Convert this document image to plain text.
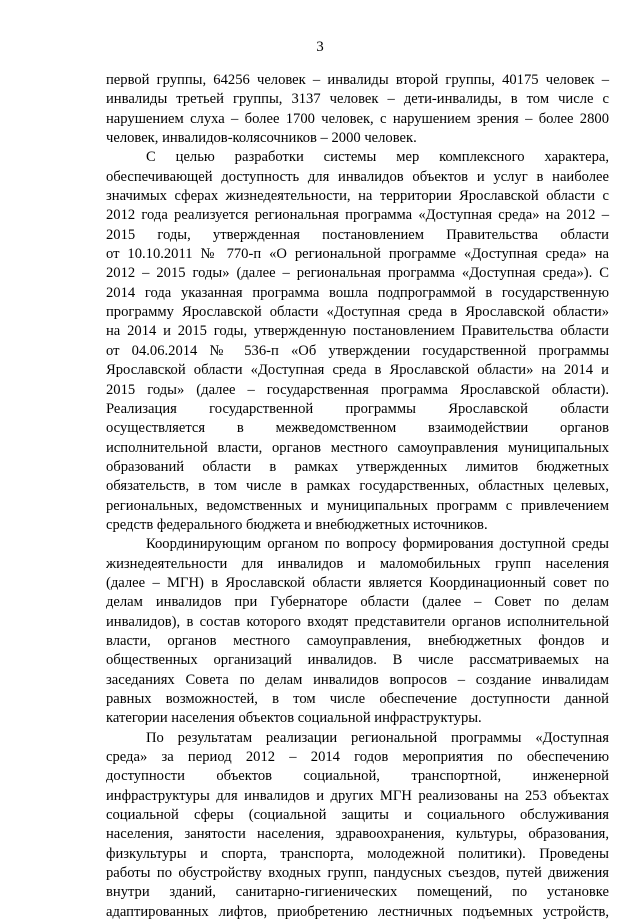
3
первой группы, 64256 человек – инвалиды второй группы, 40175 человек –
инвалиды третьей группы, 3137 человек – дети-инвалиды, в том числе с
нарушением слуха – более 1700 человек, с нарушением зрения – более 2800
человек, инвалидов-колясочников – 2000 человек.
С целью разработки системы мер комплексного характера,
обеспечивающей доступность для инвалидов объектов и услуг в наиболее
значимых сферах жизнедеятельности, на территории Ярославской области с
2012 года реализуется региональная программа «Доступная среда» на 2012 –
2015 годы, утвержденная постановлением Правительства области
от 10.10.2011 № 770-п «О региональной программе «Доступная среда» на
2012 – 2015 годы» (далее – региональная программа «Доступная среда»). С
2014 года указанная программа вошла подпрограммой в государственную
программу Ярославской области «Доступная среда в Ярославской области»
на 2014 и 2015 годы, утвержденную постановлением Правительства области
от 04.06.2014 № 536-п «Об утверждении государственной программы
Ярославской области «Доступная среда в Ярославской области» на 2014 и
2015 годы» (далее – государственная программа Ярославской области).
Реализация государственной программы Ярославской области
осуществляется в межведомственном взаимодействии органов
исполнительной власти, органов местного самоуправления муниципальных
образований области в рамках утвержденных лимитов бюджетных
обязательств, в том числе в рамках государственных, областных целевых,
региональных, ведомственных и муниципальных программ с привлечением
средств федерального бюджета и внебюджетных источников.
Координирующим органом по вопросу формирования доступной среды
жизнедеятельности для инвалидов и маломобильных групп населения
(далее – МГН) в Ярославской области является Координационный совет по
делам инвалидов при Губернаторе области (далее – Совет по делам
инвалидов), в состав которого входят представители органов исполнительной
власти, органов местного самоуправления, внебюджетных фондов и
общественных организаций инвалидов. В числе рассматриваемых на
заседаниях Совета по делам инвалидов вопросов – создание инвалидам
равных возможностей, в том числе обеспечение доступности данной
категории населения объектов социальной инфраструктуры.
По результатам реализации региональной программы «Доступная
среда» за период 2012 – 2014 годов мероприятия по обеспечению
доступности объектов социальной, транспортной, инженерной
инфраструктуры для инвалидов и других МГН реализованы на 253 объектах
социальной сферы (социальной защиты и социального обслуживания
населения, занятости населения, здравоохранения, культуры, образования,
физкультуры и спорта, транспорта, молодежной политики). Проведены
работы по обустройству входных групп, пандусных съездов, путей движения
внутри зданий, санитарно-гигиенических помещений, по установке
адаптированных лифтов, приобретению лестничных подъемных устройств,
